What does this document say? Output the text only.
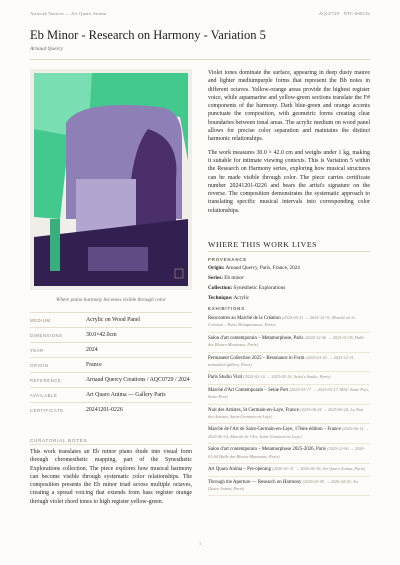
Artwork Notices — Art Quaro Anima	AQC0729 · NTC-00021b
Eb Minor - Research on Harmony - Variation 5
Arnaud Quercy
Where piano harmony becomes visible through color
MEDIUM	Acrylic on Wood Panel
DIMENSIONS	30.0×42.0cm
YEAR	2024
ORIGIN	France
REFERENCE	Arnaud Quercy Creations / AQC0729 / 2024
AVAILABLE	Art Quaro Anima — Gallery Paris
CERTIFICATE	20241201-0226
CURATORIAL NOTES

This work translates an Eb minor piano étude into visual form through chromesthetic mapping, part of the Synesthetic Explorations collection. The piece explores how musical harmony can become visible through systematic color relationships. The composition presents the Eb minor triad across multiple octaves, creating a spread voicing that extends from bass register orange through violet chord tones to high register yellow-green.

Violet tones dominate the surface, appearing in deep dusty mauve and lighter mediumpurple forms that represent the Bb notes in different octaves. Yellow-orange areas provide the highest register voice, while aquamarine and yellow-green sections translate the F# components of the harmony. Dark blue-green and orange accents punctuate the composition, with geometric forms creating clear boundaries between tonal areas. The acrylic medium on wood panel allows for precise color separation and maintains the distinct harmonic relationships.

The work measures 30.0 × 42.0 cm and weighs under 1 kg, making it suitable for intimate viewing contexts. This is Variation 5 within the Research on Harmony series, exploring how musical structures can be made visible through color. The piece carries certificate number 20241201-0226 and bears the artist's signature on the reverse. The composition demonstrates the systematic approach to translating specific musical intervals into corresponding color relationships.

WHERE THIS WORK LIVES
PROVENANCE
Origin: Arnaud Quercy, Paris, France, 2024
Series: Eb minor
Collection: Synesthetic Explorations
Technique: Acrylic
EXHIBITIONS
Rencontres au Marché de la Création (2024-04-21 → 2024-12-31, Marché de la Création – Paris Montparnasse, Paris)
Salon d'art contemporain – Metamorphose, Paris (2024-12-06 → 2025-01-05, Halle des Blancs-Manteaux, Paris)
Permanent Collection 2025 – Resonance in Form (2025-01-01 → 2025-12-31, artmadrid-gallery, Paris)
Paris Studio Visit (2025-02-10 → 2025-02-16, Artist's Studio, Paris)
Marché d'Art Contemporain – Seine Port (2025-03-17 → 2025-05-17, MAC Seine Port, Seine-Port)
Nuit des Artistes, St Germain-en-Laye, France (2025-06-24 → 2025-06-24, La Nuit des Artistes, Saint-Germain-en-Laye)
Marché de l'Art de Saint-Germain-en-Laye, 17ème édition – France (2025-06-14 → 2025-06-14, Marché de l'Art, Saint-Germain-en-Laye)
Salon d'art contemporain – Metamorphose 2025-2026, Paris (2025-12-06 → 2026-01-04 Halle des Blancs-Manteaux, Paris)
Art Quaro Anima – Pre-opening (2026-01-31 → 2026-05-30, Art Quaro Anima, Paris)
Through the Aperture — Research on Harmony (2026-03-09 → 2026-04-30, Art Quaro Anima, Paris)
1
